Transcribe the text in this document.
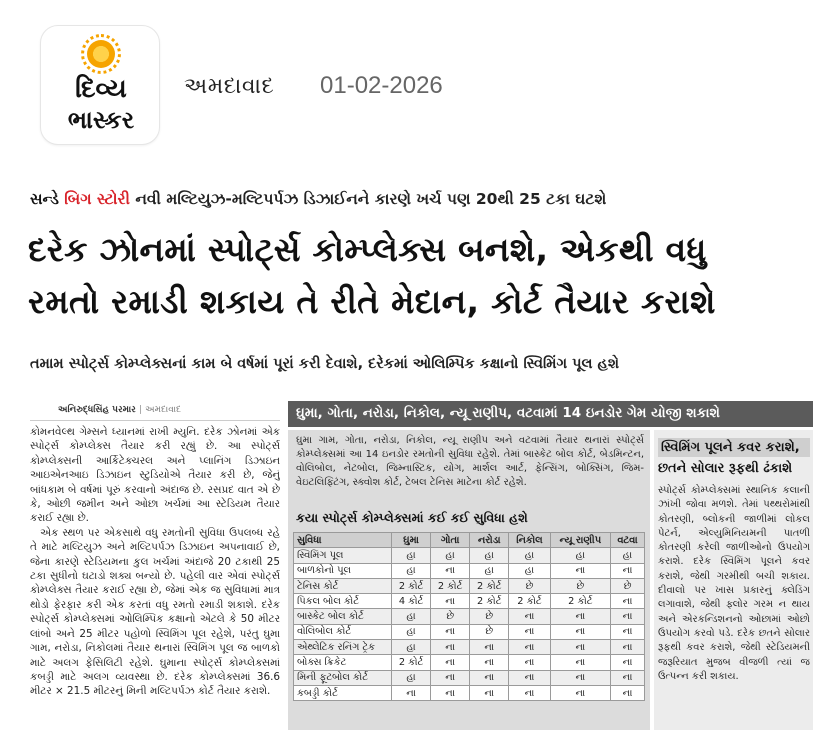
દિવ્ય
ભાસ્કર
અમદાવાદ 01-02-2026
સન્ડે બિગ સ્ટોરી નવી મલ્ટિયુઝ-મલ્ટિપર્પઝ ડિઝાઈનને કારણે ખર્ચ પણ 20થી 25 ટકા ઘટશે
દરેક ઝોનમાં સ્પોર્ટ્સ કોમ્પ્લેક્સ બનશે, એકથી વધુ
રમતો રમાડી શકાય તે રીતે મેદાન, કોર્ટ તૈયાર કરાશે
તમામ સ્પોર્ટ્સ કોમ્પ્લેક્સનાં કામ બે વર્ષમાં પૂરાં કરી દેવાશે, દરેકમાં ઓલિમ્પિક કક્ષાનો સ્વિમિંગ પૂલ હશે
અનિરુદ્ધસિંહ પરમાર | અમદાવાદ

કોમનવેલ્થ ગેમ્સને ધ્યાનમાં રાખી મ્યુનિ. દરેક ઝોનમાં એક સ્પોર્ટ્સ કોમ્પ્લેક્સ તૈયાર કરી રહ્યું છે. આ સ્પોર્ટ્સ કોમ્પ્લેક્સની આર્કિટેક્ચરલ અને પ્લાનિંગ ડિઝાઇન આઇએનઆઇ ડિઝાઇન સ્ટુડિયોએ તૈયાર કરી છે, જેનું બાંધકામ બે વર્ષમાં પૂરું કરવાનો અંદાજ છે. રસપ્રદ વાત એ છે કે, ઓછી જમીન અને ઓછા ખર્ચમાં આ સ્ટેડિયમ તૈયાર કરાઈ રહ્યા છે.

એક સ્થળ પર એકસાથે વધુ રમતોની સુવિધા ઉપલબ્ધ રહે તે માટે મલ્ટિયુઝ અને મલ્ટિપર્પઝ ડિઝાઇન અપનાવાઈ છે, જેના કારણે સ્ટેડિયમના કુલ ખર્ચમાં અંદાજે 20 ટકાથી 25 ટકા સુધીનો ઘટાડો શક્ય બન્યો છે. પહેલી વાર એવાં સ્પોર્ટ્સ કોમ્પ્લેક્સ તૈયાર કરાઈ રહ્યા છે, જેમાં એક જ સુવિધામાં માત્ર થોડો ફેરફાર કરી એક કરતાં વધુ રમતો રમાડી શકાશે. દરેક સ્પોર્ટ્સ કોમ્પ્લેક્સમાં ઓલિમ્પિક કક્ષાનો એટલે કે 50 મીટર લાંબો અને 25 મીટર પહોળો સ્વિમિંગ પૂલ રહેશે, પરંતુ ઘુમા ગામ, નરોડા, નિકોલમાં તૈયાર થનારાં સ્વિમિંગ પૂલ જ બાળકો માટે અલગ ફેસિલિટી રહેશે. ઘુમાના સ્પોર્ટ્સ કોમ્પ્લેક્સમાં કબડ્ડી માટે અલગ વ્યવસ્થા છે. દરેક કોમ્પ્લેક્સમાં 36.6 મીટર × 21.5 મીટરનું મિની મલ્ટિપર્પઝ કોર્ટ તૈયાર કરાશે.

ઘુમા, ગોતા, નરોડા, નિકોલ, ન્યૂ રાણીપ, વટવામાં 14 ઇનડોર ગેમ યોજી શકાશે
ઘુમા ગામ, ગોતા, નરોડા, નિકોલ, ન્યૂ રાણીપ અને વટવામાં તૈયાર થનારાં સ્પોર્ટ્સ કોમ્પ્લેક્સમાં આ 14 ઇનડોર રમતોની સુવિધા રહેશે. તેમાં બાસ્કેટ બોલ કોર્ટ, બેડમિન્ટન, વોલિબોલ, નેટબોલ, જિમ્નાસ્ટિક, યોગ, માર્શલ આર્ટ, ફેન્સિંગ, બોક્સિંગ, જિમ-વેઇટલિફ્ટિંગ, સ્ક્વોશ કોર્ટ, ટેબલ ટેનિસ માટેના કોર્ટ રહેશે.
કયા સ્પોર્ટ્સ કોમ્પ્લેક્સમાં કઈ કઈ સુવિધા હશે
સુવિધા	ઘુમા	ગોતા	નરોડા	નિકોલ	ન્યૂ રાણીપ	વટવા
સ્વિમિંગ પૂલ	હા	હા	હા	હા	હા	હા
બાળકોનો પૂલ	હા	ના	હા	હા	ના	ના
ટેનિસ કોર્ટ	2 કોર્ટ	2 કોર્ટ	2 કોર્ટ	છે	છે	છે
પિકલ બોલ કોર્ટ	4 કોર્ટ	ના	2 કોર્ટ	2 કોર્ટ	2 કોર્ટ	ના
બાસ્કેટ બોલ કોર્ટ	હા	છે	છે	ના	ના	ના
વોલિબોલ કોર્ટ	હા	ના	છે	ના	ના	ના
એથ્લેટિક રનિંગ ટ્રેક	હા	ના	ના	ના	ના	ના
બોક્સ ક્રિકેટ	2 કોર્ટ	ના	ના	ના	ના	ના
મિની ફૂટબોલ કોર્ટ	હા	ના	ના	ના	ના	ના
કબડ્ડી કોર્ટ	ના	ના	ના	ના	ના	ના
સ્વિમિંગ પૂલને કવર કરાશે,
છતને સોલાર રૂફથી ઢંકાશે
સ્પોર્ટ્સ કોમ્પ્લેક્સમાં સ્થાનિક કલાની ઝાંખી જોવા મળશે. તેમાં પથ્થરોમાંથી કોતરણી, બ્લોકની જાળીમાં લોકલ પેટર્ન, એલ્યુમિનિયમની પાતળી કોતરણી કરેલી જાળીઓનો ઉપયોગ કરાશે. દરેક સ્વિમિંગ પૂલને કવર કરાશે, જેથી ગરમીથી બચી શકાય. દીવાલો પર ખાસ પ્રકારનું ક્લેડિંગ લગાવાશે, જેથી ફ્લોર ગરમ ન થાય અને એરકન્ડિશનનો ઓછામાં ઓછો ઉપયોગ કરવો પડે. દરેક છતને સોલાર રૂફથી કવર કરાશે, જેથી સ્ટેડિયમની જરૂરિયાત મુજબ વીજળી ત્યાં જ ઉત્પન્ન કરી શકાય.
